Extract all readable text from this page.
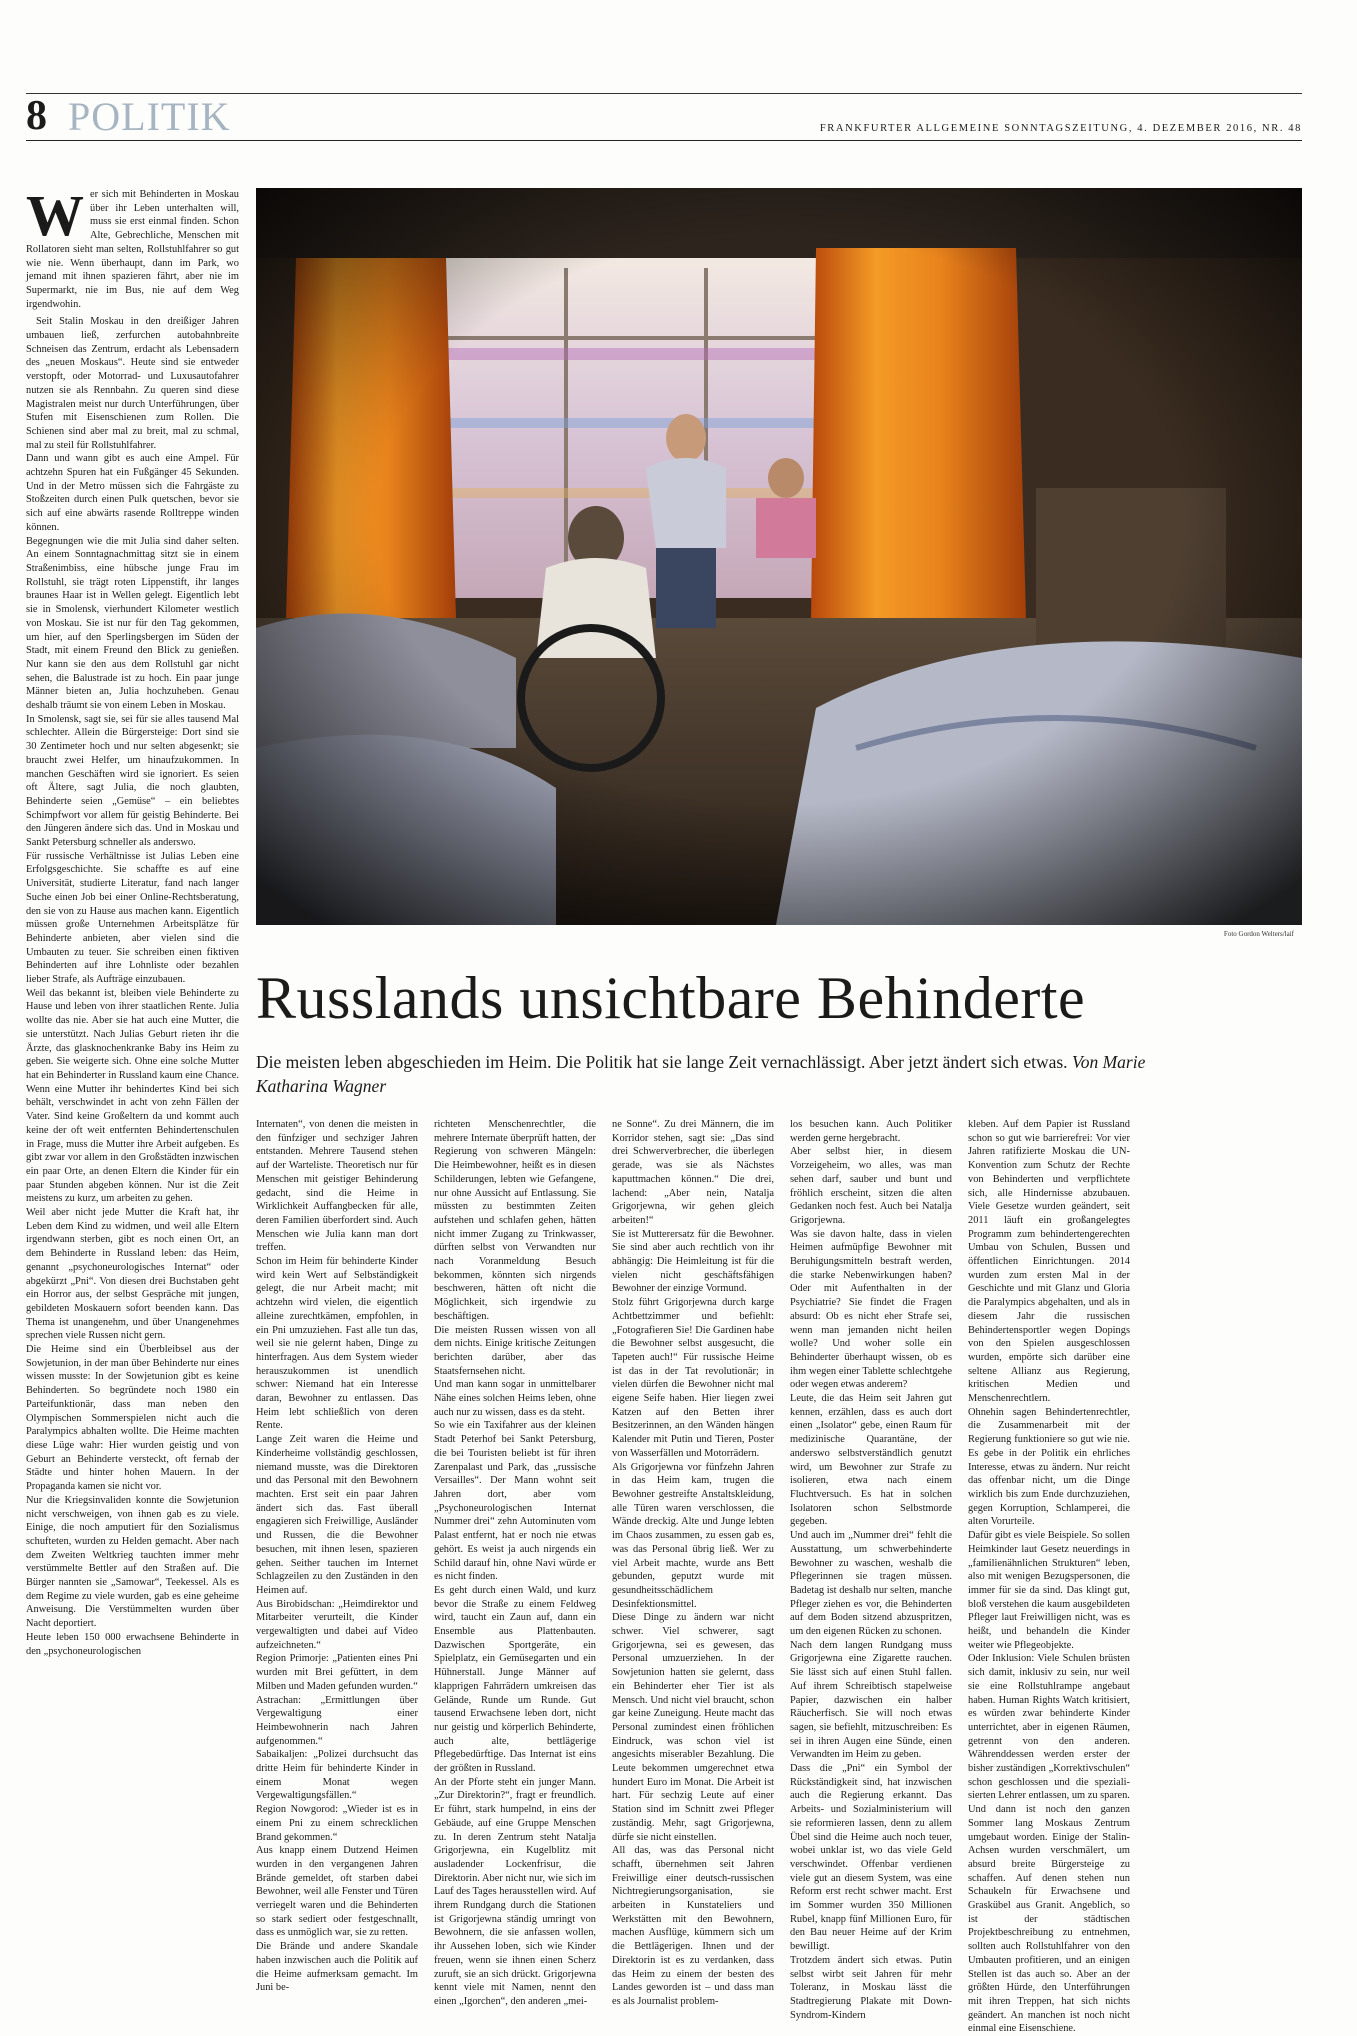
8 POLITIK	FRANKFURTER ALLGEMEINE SONNTAGSZEITUNG, 4. DEZEMBER 2016, NR. 48

Wer sich mit Behinderten in Moskau über ihr Leben unterhalten will, muss sie erst einmal finden. Schon Alte, Gebrechliche, Menschen mit Rollatoren sieht man selten, Rollstuhlfahrer so gut wie nie. Wenn überhaupt, dann im Park, wo jemand mit ihnen spazieren fährt, aber nie im Supermarkt, nie im Bus, nie auf dem Weg irgendwohin.

Seit Stalin Moskau in den dreißiger Jahren umbauen ließ, zerfurchen autobahnbreite Schneisen das Zentrum, erdacht als Lebensadern des „neuen Moskaus“. Heute sind sie entweder verstopft, oder Motorrad- und Luxusautofahrer nutzen sie als Rennbahn. Zu queren sind diese Magistralen meist nur durch Unterführungen, über Stufen mit Eisenschienen zum Rollen. Die Schienen sind aber mal zu breit, mal zu schmal, mal zu steil für Rollstuhlfahrer.
Dann und wann gibt es auch eine Ampel. Für achtzehn Spuren hat ein Fußgänger 45 Sekunden. Und in der Metro müssen sich die Fahrgäste zu Stoßzeiten durch einen Pulk quetschen, bevor sie sich auf eine abwärts rasende Rolltreppe winden können.
Begegnungen wie die mit Julia sind daher selten. An einem Sonntagnachmittag sitzt sie in einem Straßenimbiss, eine hübsche junge Frau im Rollstuhl, sie trägt roten Lippenstift, ihr langes braunes Haar ist in Wellen gelegt. Eigentlich lebt sie in Smolensk, vierhundert Kilometer westlich von Moskau. Sie ist nur für den Tag gekommen, um hier, auf den Sperlingsbergen im Süden der Stadt, mit einem Freund den Blick zu genießen. Nur kann sie den aus dem Rollstuhl gar nicht sehen, die Balustrade ist zu hoch. Ein paar junge Männer bieten an, Julia hochzuheben. Genau deshalb träumt sie von einem Leben in Moskau.
In Smolensk, sagt sie, sei für sie alles tausend Mal schlechter. Allein die Bürgersteige: Dort sind sie 30 Zentimeter hoch und nur selten abgesenkt; sie braucht zwei Helfer, um hinaufzukommen. In manchen Geschäften wird sie ignoriert. Es seien oft Ältere, sagt Julia, die noch glaubten, Behinderte seien „Gemüse“ – ein beliebtes Schimpfwort vor allem für geistig Behinderte. Bei den Jüngeren ändere sich das. Und in Moskau und Sankt Petersburg schneller als anderswo.
Für russische Verhältnisse ist Julias Leben eine Erfolgsgeschichte. Sie schaffte es auf eine Universität, studierte Literatur, fand nach langer Suche einen Job bei einer Online-Rechtsberatung, den sie von zu Hause aus machen kann. Eigentlich müssen große Unternehmen Arbeitsplätze für Behinderte anbieten, aber vielen sind die Umbauten zu teuer. Sie schreiben einen fiktiven Behinderten auf ihre Lohnliste oder bezahlen lieber Strafe, als Aufträge einzubauen.
Weil das bekannt ist, bleiben viele Behinderte zu Hause und leben von ihrer staatlichen Rente. Julia wollte das nie. Aber sie hat auch eine Mutter, die sie unterstützt. Nach Julias Geburt rieten ihr die Ärzte, das glasknochenkranke Baby ins Heim zu geben. Sie weigerte sich. Ohne eine solche Mutter hat ein Behinderter in Russland kaum eine Chance.
Wenn eine Mutter ihr behindertes Kind bei sich behält, verschwindet in acht von zehn Fällen der Vater. Sind keine Großeltern da und kommt auch keine der oft weit entfernten Behindertenschulen in Frage, muss die Mutter ihre Arbeit aufgeben. Es gibt zwar vor allem in den Großstädten inzwischen ein paar Orte, an denen Eltern die Kinder für ein paar Stunden abgeben können. Nur ist die Zeit meistens zu kurz, um arbeiten zu gehen.
Weil aber nicht jede Mutter die Kraft hat, ihr Leben dem Kind zu widmen, und weil alle Eltern irgendwann sterben, gibt es noch einen Ort, an dem Behinderte in Russland leben: das Heim, genannt „psychoneurologisches Internat“ oder abgekürzt „Pni“. Von diesen drei Buchstaben geht ein Horror aus, der selbst Gespräche mit jungen, gebildeten Moskauern sofort beenden kann. Das Thema ist unangenehm, und über Unangenehmes sprechen viele Russen nicht gern.
Die Heime sind ein Überbleibsel aus der Sowjetunion, in der man über Behinderte nur eines wissen musste: In der Sowjetunion gibt es keine Behinderten. So begründete noch 1980 ein Parteifunktionär, dass man neben den Olympischen Sommerspielen nicht auch die Paralympics abhalten wollte. Die Heime machten diese Lüge wahr: Hier wurden geistig und von Geburt an Behinderte versteckt, oft fernab der Städte und hinter hohen Mauern. In der Propaganda kamen sie nicht vor.
Nur die Kriegsinvaliden konnte die Sowjetunion nicht verschweigen, von ihnen gab es zu viele. Einige, die noch amputiert für den Sozialismus schufteten, wurden zu Helden gemacht. Aber nach dem Zweiten Weltkrieg tauchten immer mehr verstümmelte Bettler auf den Straßen auf. Die Bürger nannten sie „Samowar“, Teekessel. Als es dem Regime zu viele wurden, gab es eine geheime Anweisung. Die Verstümmelten wurden über Nacht deportiert.
Heute leben 150 000 erwachsene Behinderte in den „psychoneurologischen

Foto Gordon Welters/laif
Russlands unsichtbare Behinderte
Die meisten leben abgeschieden im Heim. Die Politik hat sie lange Zeit vernachlässigt. Aber jetzt ändert sich etwas. Von Marie Katharina Wagner

Internaten“, von denen die meisten in den fünfziger und sechziger Jahren entstanden. Mehrere Tausend stehen auf der Warteliste. Theoretisch nur für Menschen mit geistiger Behinderung gedacht, sind die Heime in Wirklichkeit Auffangbecken für alle, deren Familien überfordert sind. Auch Menschen wie Julia kann man dort treffen.
Schon im Heim für behinderte Kinder wird kein Wert auf Selbständigkeit gelegt, die nur Arbeit macht; mit achtzehn wird vielen, die eigentlich alleine zurechtkämen, empfohlen, in ein Pni umzuziehen. Fast alle tun das, weil sie nie gelernt haben, Dinge zu hinterfragen. Aus dem System wieder herauszukommen ist unendlich schwer: Niemand hat ein Interesse daran, Bewohner zu entlassen. Das Heim lebt schließlich von deren Rente.
Lange Zeit waren die Heime und Kinderheime vollständig geschlossen, niemand musste, was die Direktoren und das Personal mit den Bewohnern machten. Erst seit ein paar Jahren ändert sich das. Fast überall engagieren sich Freiwillige, Ausländer und Russen, die die Bewohner besuchen, mit ihnen lesen, spazieren gehen. Seither tauchen im Internet Schlagzeilen zu den Zuständen in den Heimen auf.
Aus Birobidschan: „Heimdirektor und Mitarbeiter verurteilt, die Kinder vergewaltigten und dabei auf Video aufzeichneten.“
Region Primorje: „Patienten eines Pni wurden mit Brei gefüttert, in dem Milben und Maden gefunden wurden.“
Astrachan: „Ermittlungen über Vergewaltigung einer Heimbewohnerin nach Jahren aufgenommen.“
Sabaikaljen: „Polizei durchsucht das dritte Heim für behinderte Kinder in einem Monat wegen Vergewaltigungsfällen.“
Region Nowgorod: „Wieder ist es in einem Pni zu einem schrecklichen Brand gekommen.“
Aus knapp einem Dutzend Heimen wurden in den vergangenen Jahren Brände gemeldet, oft starben dabei Bewohner, weil alle Fenster und Türen verriegelt waren und die Behinderten so stark sediert oder festgeschnallt, dass es unmöglich war, sie zu retten.
Die Brände und andere Skandale haben inzwischen auch die Politik auf die Heime aufmerksam gemacht. Im Juni be-

richteten Menschenrechtler, die mehrere Internate überprüft hatten, der Regierung von schweren Mängeln: Die Heimbewohner, heißt es in diesen Schilderungen, lebten wie Gefangene, nur ohne Aussicht auf Entlassung. Sie müssten zu bestimmten Zeiten aufstehen und schlafen gehen, hätten nicht immer Zugang zu Trinkwasser, dürften selbst von Verwandten nur nach Voranmeldung Besuch bekommen, könnten sich nirgends beschweren, hätten oft nicht die Möglichkeit, sich irgendwie zu beschäftigen.
Die meisten Russen wissen von all dem nichts. Einige kritische Zeitungen berichten darüber, aber das Staatsfernsehen nicht.
Und man kann sogar in unmittelbarer Nähe eines solchen Heims leben, ohne auch nur zu wissen, dass es da steht.
So wie ein Taxifahrer aus der kleinen Stadt Peterhof bei Sankt Petersburg, die bei Touristen beliebt ist für ihren Zarenpalast und Park, das „russische Versailles“. Der Mann wohnt seit Jahren dort, aber vom „Psychoneurologischen Internat Nummer drei“ zehn Autominuten vom Palast entfernt, hat er noch nie etwas gehört. Es weist ja auch nirgends ein Schild darauf hin, ohne Navi würde er es nicht finden.
Es geht durch einen Wald, und kurz bevor die Straße zu einem Feldweg wird, taucht ein Zaun auf, dann ein Ensemble aus Plattenbauten. Dazwischen Sportgeräte, ein Spielplatz, ein Gemüsegarten und ein Hühnerstall. Junge Männer auf klapprigen Fahrrädern umkreisen das Gelände, Runde um Runde. Gut tausend Erwachsene leben dort, nicht nur geistig und körperlich Behinderte, auch alte, bettlägerige Pflegebedürftige. Das Internat ist eins der größten in Russland.
An der Pforte steht ein junger Mann. „Zur Direktorin?“, fragt er freundlich. Er führt, stark humpelnd, in eins der Gebäude, auf eine Gruppe Menschen zu. In deren Zentrum steht Natalja Grigorjewna, ein Kugelblitz mit ausladender Lockenfrisur, die Direktorin. Aber nicht nur, wie sich im Lauf des Tages herausstellen wird. Auf ihrem Rundgang durch die Stationen ist Grigorjewna ständig umringt von Bewohnern, die sie anfassen wollen, ihr Aussehen loben, sich wie Kinder freuen, wenn sie ihnen einen Scherz zuruft, sie an sich drückt. Grigorjewna kennt viele mit Namen, nennt den einen „Igorchen“, den anderen „mei-

ne Sonne“. Zu drei Männern, die im Korridor stehen, sagt sie: „Das sind drei Schwerverbrecher, die überlegen gerade, was sie als Nächstes kaputtmachen können.“ Die drei, lachend: „Aber nein, Natalja Grigorjewna, wir gehen gleich arbeiten!“
Sie ist Mutterersatz für die Bewohner. Sie sind aber auch rechtlich von ihr abhängig: Die Heimleitung ist für die vielen nicht geschäftsfähigen Bewohner der einzige Vormund.
Stolz führt Grigorjewna durch karge Achtbettzimmer und befiehlt: „Fotografieren Sie! Die Gardinen habe die Bewohner selbst ausgesucht, die Tapeten auch!“ Für russische Heime ist das in der Tat revolutionär; in vielen dürfen die Bewohner nicht mal eigene Seife haben. Hier liegen zwei Katzen auf den Betten ihrer Besitzerinnen, an den Wänden hängen Kalender mit Putin und Tieren, Poster von Wasserfällen und Motorrädern.
Als Grigorjewna vor fünfzehn Jahren in das Heim kam, trugen die Bewohner gestreifte Anstaltskleidung, alle Türen waren verschlossen, die Wände dreckig. Alte und Junge lebten im Chaos zusammen, zu essen gab es, was das Personal übrig ließ. Wer zu viel Arbeit machte, wurde ans Bett gebunden, geputzt wurde mit gesundheitsschädlichem Desinfektionsmittel.
Diese Dinge zu ändern war nicht schwer. Viel schwerer, sagt Grigorjewna, sei es gewesen, das Personal umzuerziehen. In der Sowjetunion hatten sie gelernt, dass ein Behinderter eher Tier ist als Mensch. Und nicht viel braucht, schon gar keine Zuneigung. Heute macht das Personal zumindest einen fröhlichen Eindruck, was schon viel ist angesichts miserabler Bezahlung. Die Leute bekommen umgerechnet etwa hundert Euro im Monat. Die Arbeit ist hart. Für sechzig Leute auf einer Station sind im Schnitt zwei Pfleger zuständig. Mehr, sagt Grigorjewna, dürfe sie nicht einstellen.
All das, was das Personal nicht schafft, übernehmen seit Jahren Freiwillige einer deutsch-russischen Nichtregierungsorganisation, sie arbeiten in Kunstateliers und Werkstätten mit den Bewohnern, machen Ausflüge, kümmern sich um die Bettlägerigen. Ihnen und der Direktorin ist es zu verdanken, dass das Heim zu einem der besten des Landes geworden ist – und dass man es als Journalist problem-

los besuchen kann. Auch Politiker werden gerne hergebracht.
Aber selbst hier, in diesem Vorzeigeheim, wo alles, was man sehen darf, sauber und bunt und fröhlich erscheint, sitzen die alten Gedanken noch fest. Auch bei Natalja Grigorjewna.
Was sie davon halte, dass in vielen Heimen aufmüpfige Bewohner mit Beruhigungsmitteln bestraft werden, die starke Nebenwirkungen haben? Oder mit Aufenthalten in der Psychiatrie? Sie findet die Fragen absurd: Ob es nicht eher Strafe sei, wenn man jemanden nicht heilen wolle? Und woher solle ein Behinderter überhaupt wissen, ob es ihm wegen einer Tablette schlechtgehe oder wegen etwas anderem?
Leute, die das Heim seit Jahren gut kennen, erzählen, dass es auch dort einen „Isolator“ gebe, einen Raum für medizinische Quarantäne, der anderswo selbstverständlich genutzt wird, um Bewohner zur Strafe zu isolieren, etwa nach einem Fluchtversuch. Es hat in solchen Isolatoren schon Selbstmorde gegeben.
Und auch im „Nummer drei“ fehlt die Ausstattung, um schwerbehinderte Bewohner zu waschen, weshalb die Pflegerinnen sie tragen müssen. Badetag ist deshalb nur selten, manche Pfleger ziehen es vor, die Behinderten auf dem Boden sitzend abzuspritzen, um den eigenen Rücken zu schonen.
Nach dem langen Rundgang muss Grigorjewna eine Zigarette rauchen. Sie lässt sich auf einen Stuhl fallen. Auf ihrem Schreibtisch stapelweise Papier, dazwischen ein halber Räucherfisch. Sie will noch etwas sagen, sie befiehlt, mitzuschreiben: Es sei in ihren Augen eine Sünde, einen Verwandten im Heim zu geben.
Dass die „Pni“ ein Symbol der Rückständigkeit sind, hat inzwischen auch die Regierung erkannt. Das Arbeits- und Sozialministerium will sie reformieren lassen, denn zu allem Übel sind die Heime auch noch teuer, wobei unklar ist, wo das viele Geld verschwindet. Offenbar verdienen viele gut an diesem System, was eine Reform erst recht schwer macht. Erst im Sommer wurden 350 Millionen Rubel, knapp fünf Millionen Euro, für den Bau neuer Heime auf der Krim bewilligt.
Trotzdem ändert sich etwas. Putin selbst wirbt seit Jahren für mehr Toleranz, in Moskau lässt die Stadtregierung Plakate mit Down-Syndrom-Kindern

kleben. Auf dem Papier ist Russland schon so gut wie barrierefrei: Vor vier Jahren ratifizierte Moskau die UN-Konvention zum Schutz der Rechte von Behinderten und verpflichtete sich, alle Hindernisse abzubauen. Viele Gesetze wurden geändert, seit 2011 läuft ein großangelegtes Programm zum behindertengerechten Umbau von Schulen, Bussen und öffentlichen Einrichtungen. 2014 wurden zum ersten Mal in der Geschichte und mit Glanz und Gloria die Paralympics abgehalten, und als in diesem Jahr die russischen Behindertensportler wegen Dopings von den Spielen ausgeschlossen wurden, empörte sich darüber eine seltene Allianz aus Regierung, kritischen Medien und Menschenrechtlern.
Ohnehin sagen Behindertenrechtler, die Zusammenarbeit mit der Regierung funktioniere so gut wie nie. Es gebe in der Politik ein ehrliches Interesse, etwas zu ändern. Nur reicht das offenbar nicht, um die Dinge wirklich bis zum Ende durchzuziehen, gegen Korruption, Schlamperei, die alten Vorurteile.
Dafür gibt es viele Beispiele. So sollen Heimkinder laut Gesetz neuerdings in „familienähnlichen Strukturen“ leben, also mit wenigen Bezugspersonen, die immer für sie da sind. Das klingt gut, bloß verstehen die kaum ausgebildeten Pfleger laut Freiwilligen nicht, was es heißt, und behandeln die Kinder weiter wie Pflegeobjekte.
Oder Inklusion: Viele Schulen brüsten sich damit, inklusiv zu sein, nur weil sie eine Rollstuhlrampe angebaut haben. Human Rights Watch kritisiert, es würden zwar behinderte Kinder unterrichtet, aber in eigenen Räumen, getrennt von den anderen. Währenddessen werden erster der bisher zuständigen „Korrektivschulen“ schon geschlossen und die spezialisierten Lehrer entlassen, um zu sparen.
Und dann ist noch den ganzen Sommer lang Moskaus Zentrum umgebaut worden. Einige der Stalin-Achsen wurden verschmälert, um absurd breite Bürgersteige zu schaffen. Auf denen stehen nun Schaukeln für Erwachsene und Graskübel aus Granit. Angeblich, so ist der städtischen Projektbeschreibung zu entnehmen, sollten auch Rollstuhlfahrer von den Umbauten profitieren, und an einigen Stellen ist das auch so. Aber an der größten Hürde, den Unterführungen mit ihren Treppen, hat sich nichts geändert. An manchen ist noch nicht einmal eine Eisenschiene.
